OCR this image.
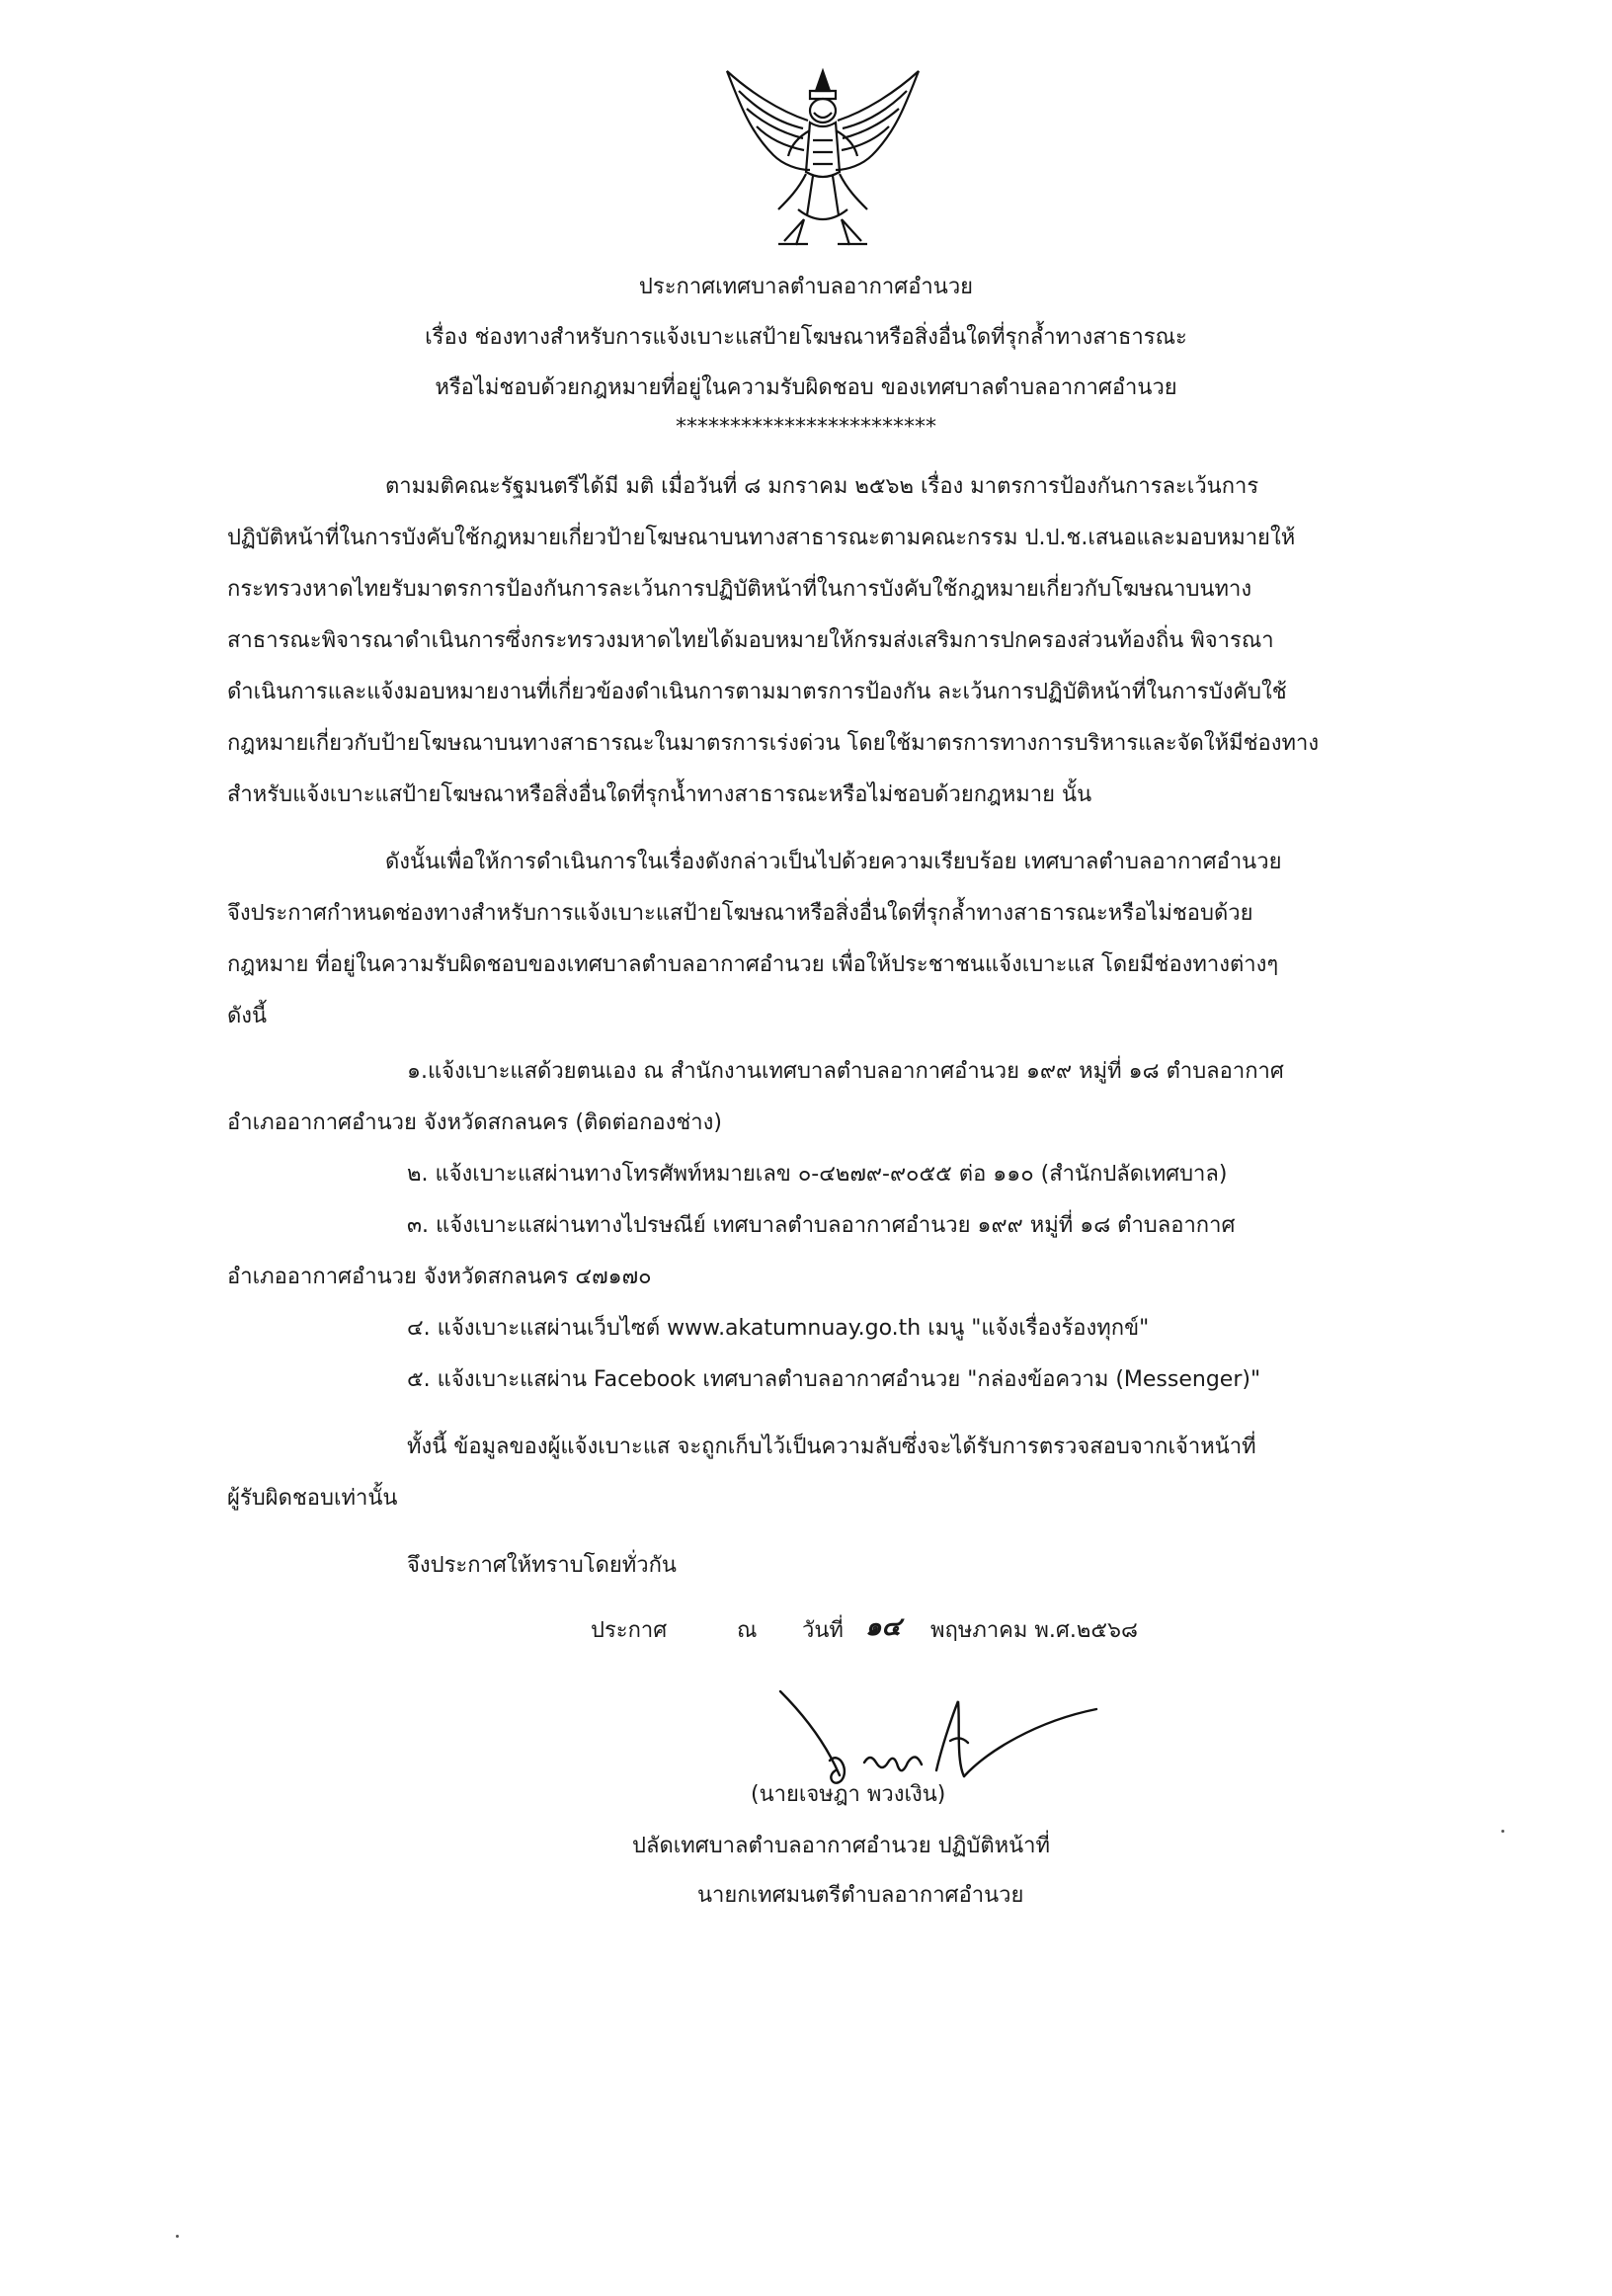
ประกาศเทศบาลตำบลอากาศอำนวย
เรื่อง ช่องทางสำหรับการแจ้งเบาะแสป้ายโฆษณาหรือสิ่งอื่นใดที่รุกล้ำทางสาธารณะ
หรือไม่ชอบด้วยกฎหมายที่อยู่ในความรับผิดชอบ ของเทศบาลตำบลอากาศอำนวย
************************
ตามมติคณะรัฐมนตรีได้มี มติ เมื่อวันที่ ๘ มกราคม ๒๕๖๒ เรื่อง มาตรการป้องกันการละเว้นการ
ปฏิบัติหน้าที่ในการบังคับใช้กฎหมายเกี่ยวป้ายโฆษณาบนทางสาธารณะตามคณะกรรม ป.ป.ช.เสนอและมอบหมายให้
กระทรวงหาดไทยรับมาตรการป้องกันการละเว้นการปฏิบัติหน้าที่ในการบังคับใช้กฎหมายเกี่ยวกับโฆษณาบนทาง
สาธารณะพิจารณาดำเนินการซึ่งกระทรวงมหาดไทยได้มอบหมายให้กรมส่งเสริมการปกครองส่วนท้องถิ่น พิจารณา
ดำเนินการและแจ้งมอบหมายงานที่เกี่ยวข้องดำเนินการตามมาตรการป้องกัน ละเว้นการปฏิบัติหน้าที่ในการบังคับใช้
กฎหมายเกี่ยวกับป้ายโฆษณาบนทางสาธารณะในมาตรการเร่งด่วน โดยใช้มาตรการทางการบริหารและจัดให้มีช่องทาง
สำหรับแจ้งเบาะแสป้ายโฆษณาหรือสิ่งอื่นใดที่รุกน้ำทางสาธารณะหรือไม่ชอบด้วยกฎหมาย นั้น
ดังนั้นเพื่อให้การดำเนินการในเรื่องดังกล่าวเป็นไปด้วยความเรียบร้อย เทศบาลตำบลอากาศอำนวย
จึงประกาศกำหนดช่องทางสำหรับการแจ้งเบาะแสป้ายโฆษณาหรือสิ่งอื่นใดที่รุกล้ำทางสาธารณะหรือไม่ชอบด้วย
กฎหมาย ที่อยู่ในความรับผิดชอบของเทศบาลตำบลอากาศอำนวย เพื่อให้ประชาชนแจ้งเบาะแส โดยมีช่องทางต่างๆ
ดังนี้
๑.แจ้งเบาะแสด้วยตนเอง ณ สำนักงานเทศบาลตำบลอากาศอำนวย ๑๙๙ หมู่ที่ ๑๘ ตำบลอากาศ
อำเภออากาศอำนวย จังหวัดสกลนคร (ติดต่อกองช่าง)
๒. แจ้งเบาะแสผ่านทางโทรศัพท์หมายเลข ๐-๔๒๗๙-๙๐๕๕ ต่อ ๑๑๐ (สำนักปลัดเทศบาล)
๓. แจ้งเบาะแสผ่านทางไปรษณีย์ เทศบาลตำบลอากาศอำนวย ๑๙๙ หมู่ที่ ๑๘ ตำบลอากาศ
อำเภออากาศอำนวย จังหวัดสกลนคร ๔๗๑๗๐
๔. แจ้งเบาะแสผ่านเว็บไซต์ www.akatumnuay.go.th เมนู "แจ้งเรื่องร้องทุกข์"
๕. แจ้งเบาะแสผ่าน Facebook เทศบาลตำบลอากาศอำนวย "กล่องข้อความ (Messenger)"
ทั้งนี้ ข้อมูลของผู้แจ้งเบาะแส จะถูกเก็บไว้เป็นความลับซึ่งจะได้รับการตรวจสอบจากเจ้าหน้าที่
ผู้รับผิดชอบเท่านั้น
จึงประกาศให้ทราบโดยทั่วกัน
ประกาศ	ณ วันที่ ๑๔ พฤษภาคม พ.ศ.๒๕๖๘
(นายเจษฎา พวงเงิน)
ปลัดเทศบาลตำบลอากาศอำนวย ปฏิบัติหน้าที่
นายกเทศมนตรีตำบลอากาศอำนวย
